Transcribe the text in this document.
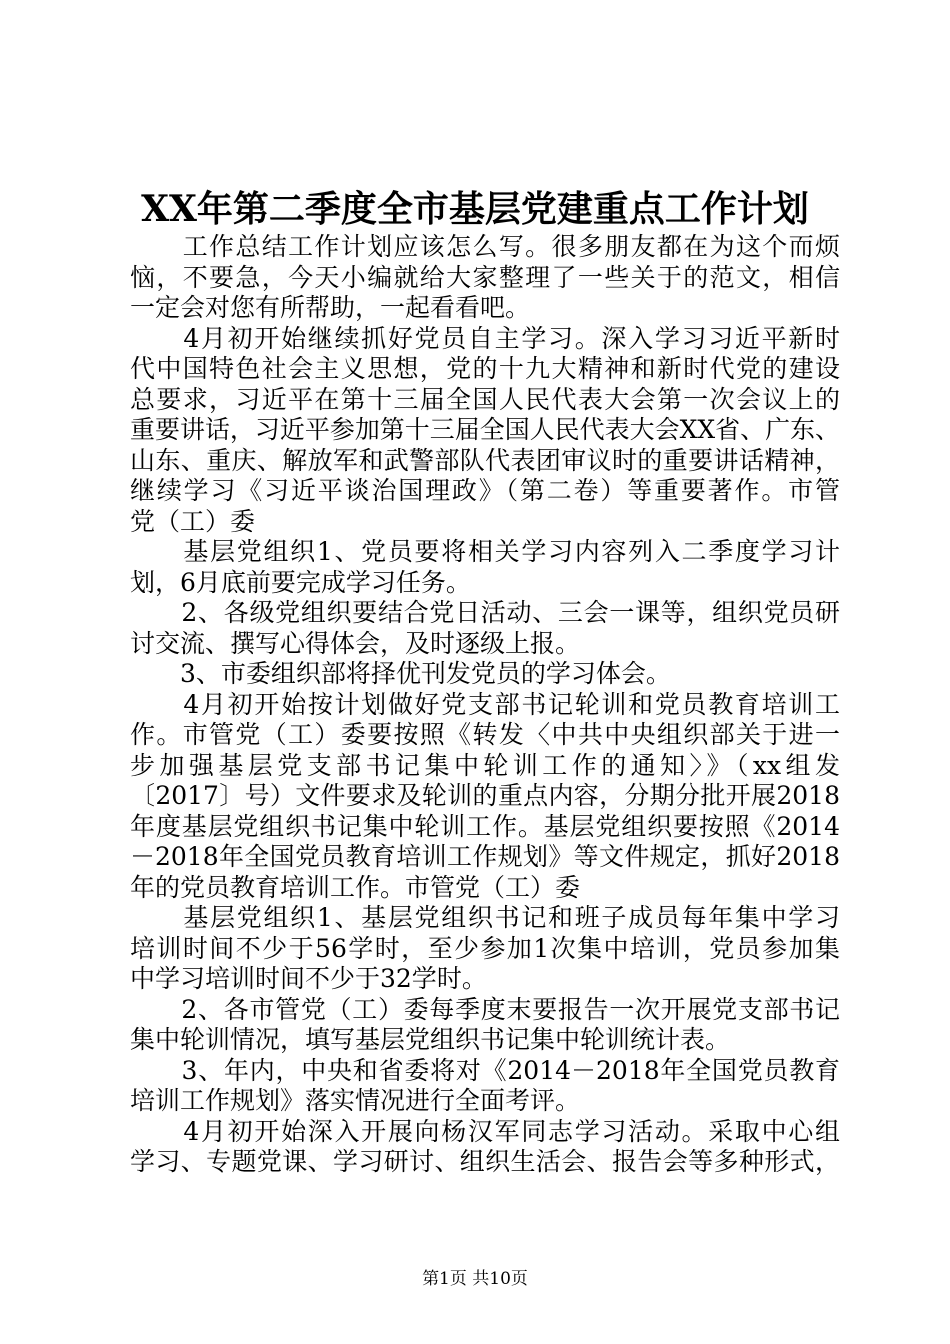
XX年第二季度全市基层党建重点工作计划
　　工作总结工作计划应该怎么写。很多朋友都在为这个而烦
恼，不要急，今天小编就给大家整理了一些关于的范文，相信
一定会对您有所帮助，一起看看吧。
　　4月初开始继续抓好党员自主学习。深入学习习近平新时
代中国特色社会主义思想，党的十九大精神和新时代党的建设
总要求，习近平在第十三届全国人民代表大会第一次会议上的
重要讲话，习近平参加第十三届全国人民代表大会XX省、广东、
山东、重庆、解放军和武警部队代表团审议时的重要讲话精神，
继续学习《习近平谈治国理政》（第二卷）等重要著作。市管
党（工）委
　　基层党组织1、党员要将相关学习内容列入二季度学习计
划，6月底前要完成学习任务。
　　2、各级党组织要结合党日活动、三会一课等，组织党员研
讨交流、撰写心得体会，及时逐级上报。
　　3、市委组织部将择优刊发党员的学习体会。
　　4月初开始按计划做好党支部书记轮训和党员教育培训工
作。市管党（工）委要按照《转发〈中共中央组织部关于进一
步加强基层党支部书记集中轮训工作的通知〉》（xx组发
〔2017〕号）文件要求及轮训的重点内容，分期分批开展2018
年度基层党组织书记集中轮训工作。基层党组织要按照《2014
－2018年全国党员教育培训工作规划》等文件规定，抓好2018
年的党员教育培训工作。市管党（工）委
　　基层党组织1、基层党组织书记和班子成员每年集中学习
培训时间不少于56学时，至少参加1次集中培训，党员参加集
中学习培训时间不少于32学时。
　　2、各市管党（工）委每季度末要报告一次开展党支部书记
集中轮训情况，填写基层党组织书记集中轮训统计表。
　　3、年内，中央和省委将对《2014－2018年全国党员教育
培训工作规划》落实情况进行全面考评。
　　4月初开始深入开展向杨汉军同志学习活动。采取中心组
学习、专题党课、学习研讨、组织生活会、报告会等多种形式，
第1页 共10页
